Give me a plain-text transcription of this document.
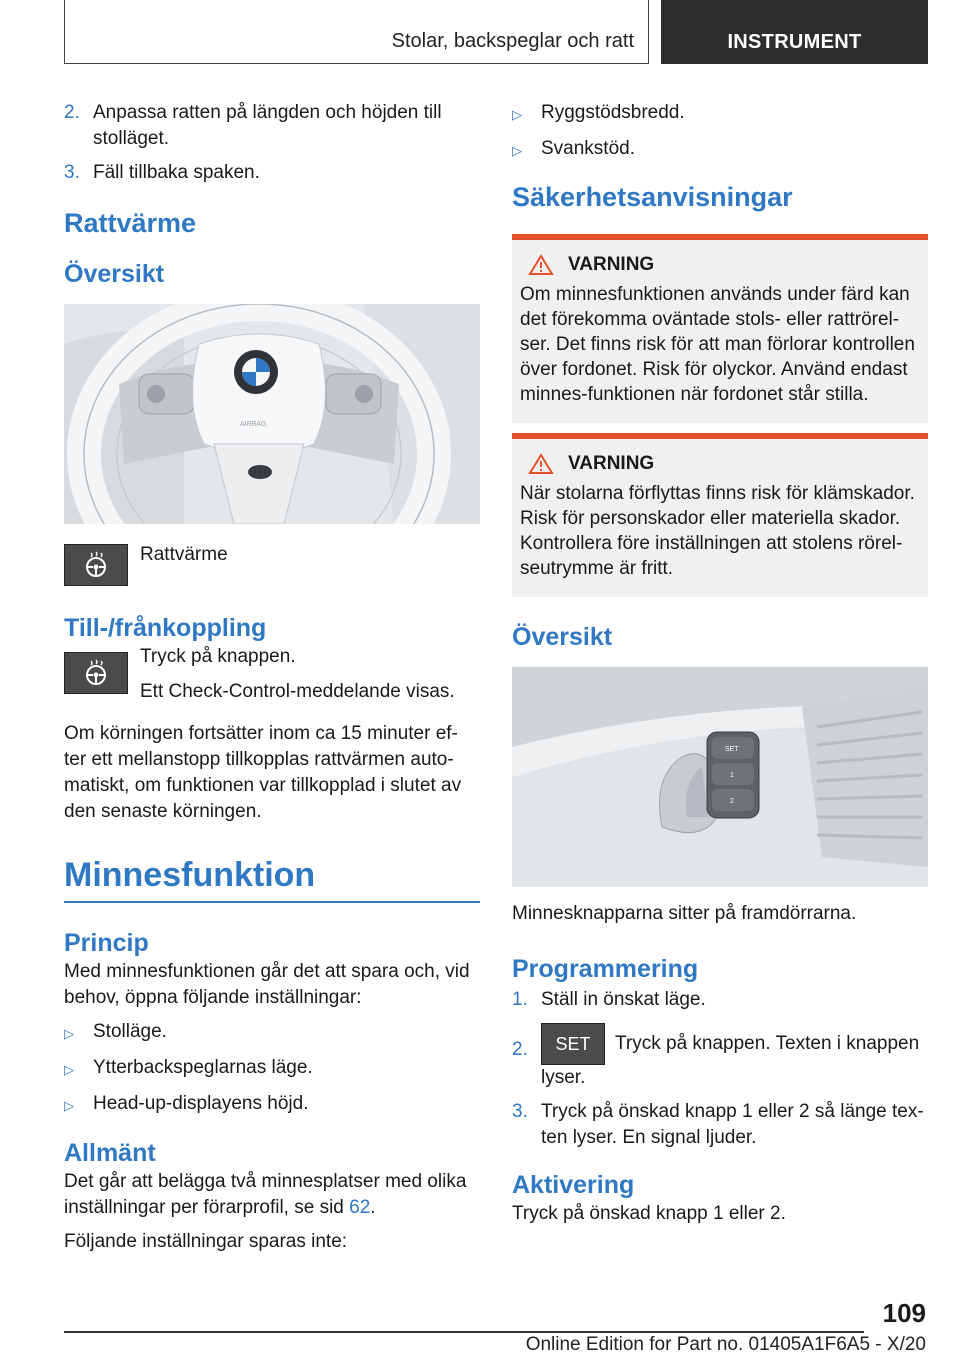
Stolar, backspeglar och ratt	INSTRUMENT
2. Anpassa ratten på längden och höjden till stolläget.
3. Fäll tillbaka spaken.
Rattvärme
Översikt
AIRBAG
Rattvärme
Till-/frånkoppling
Tryck på knappen.
Ett Check-Control-meddelande visas.

Om körningen fortsätter inom ca 15 minuter ef‐ter ett mellanstopp tillkopplas rattvärmen auto‐matiskt, om funktionen var tillkopplad i slutet av den senaste körningen.

Minnesfunktion
Princip

Med minnesfunktionen går det att spara och, vid behov, öppna följande inställningar:

▷	Stolläge.
▷	Ytterbackspeglarnas läge.
▷	Head-up-displayens höjd.
Allmänt

Det går att belägga två minnesplatser med olika inställningar per förarprofil, se sid 62.

Följande inställningar sparas inte:

▷	Ryggstödsbredd.
▷	Svankstöd.
Säkerhetsanvisningar
VARNING

Om minnesfunktionen används under färd kan det förekomma oväntade stols- eller rattrörel‐ser. Det finns risk för att man förlorar kontrollen över fordonet. Risk för olyckor. Använd endast minnes-funktionen när fordonet står stilla.

VARNING

När stolarna förflyttas finns risk för klämskador. Risk för personskador eller materiella skador. Kontrollera före inställningen att stolens rörel‐seutrymme är fritt.

Översikt
SET
1
2

Minnesknapparna sitter på framdörrarna.

Programmering
1. Ställ in önskat läge.
2.	SET Tryck på knappen. Texten i knappen lyser.
3. Tryck på önskad knapp 1 eller 2 så länge tex‐ten lyser. En signal ljuder.
Aktivering

Tryck på önskad knapp 1 eller 2.

109
Online Edition for Part no. 01405A1F6A5 - X/20
